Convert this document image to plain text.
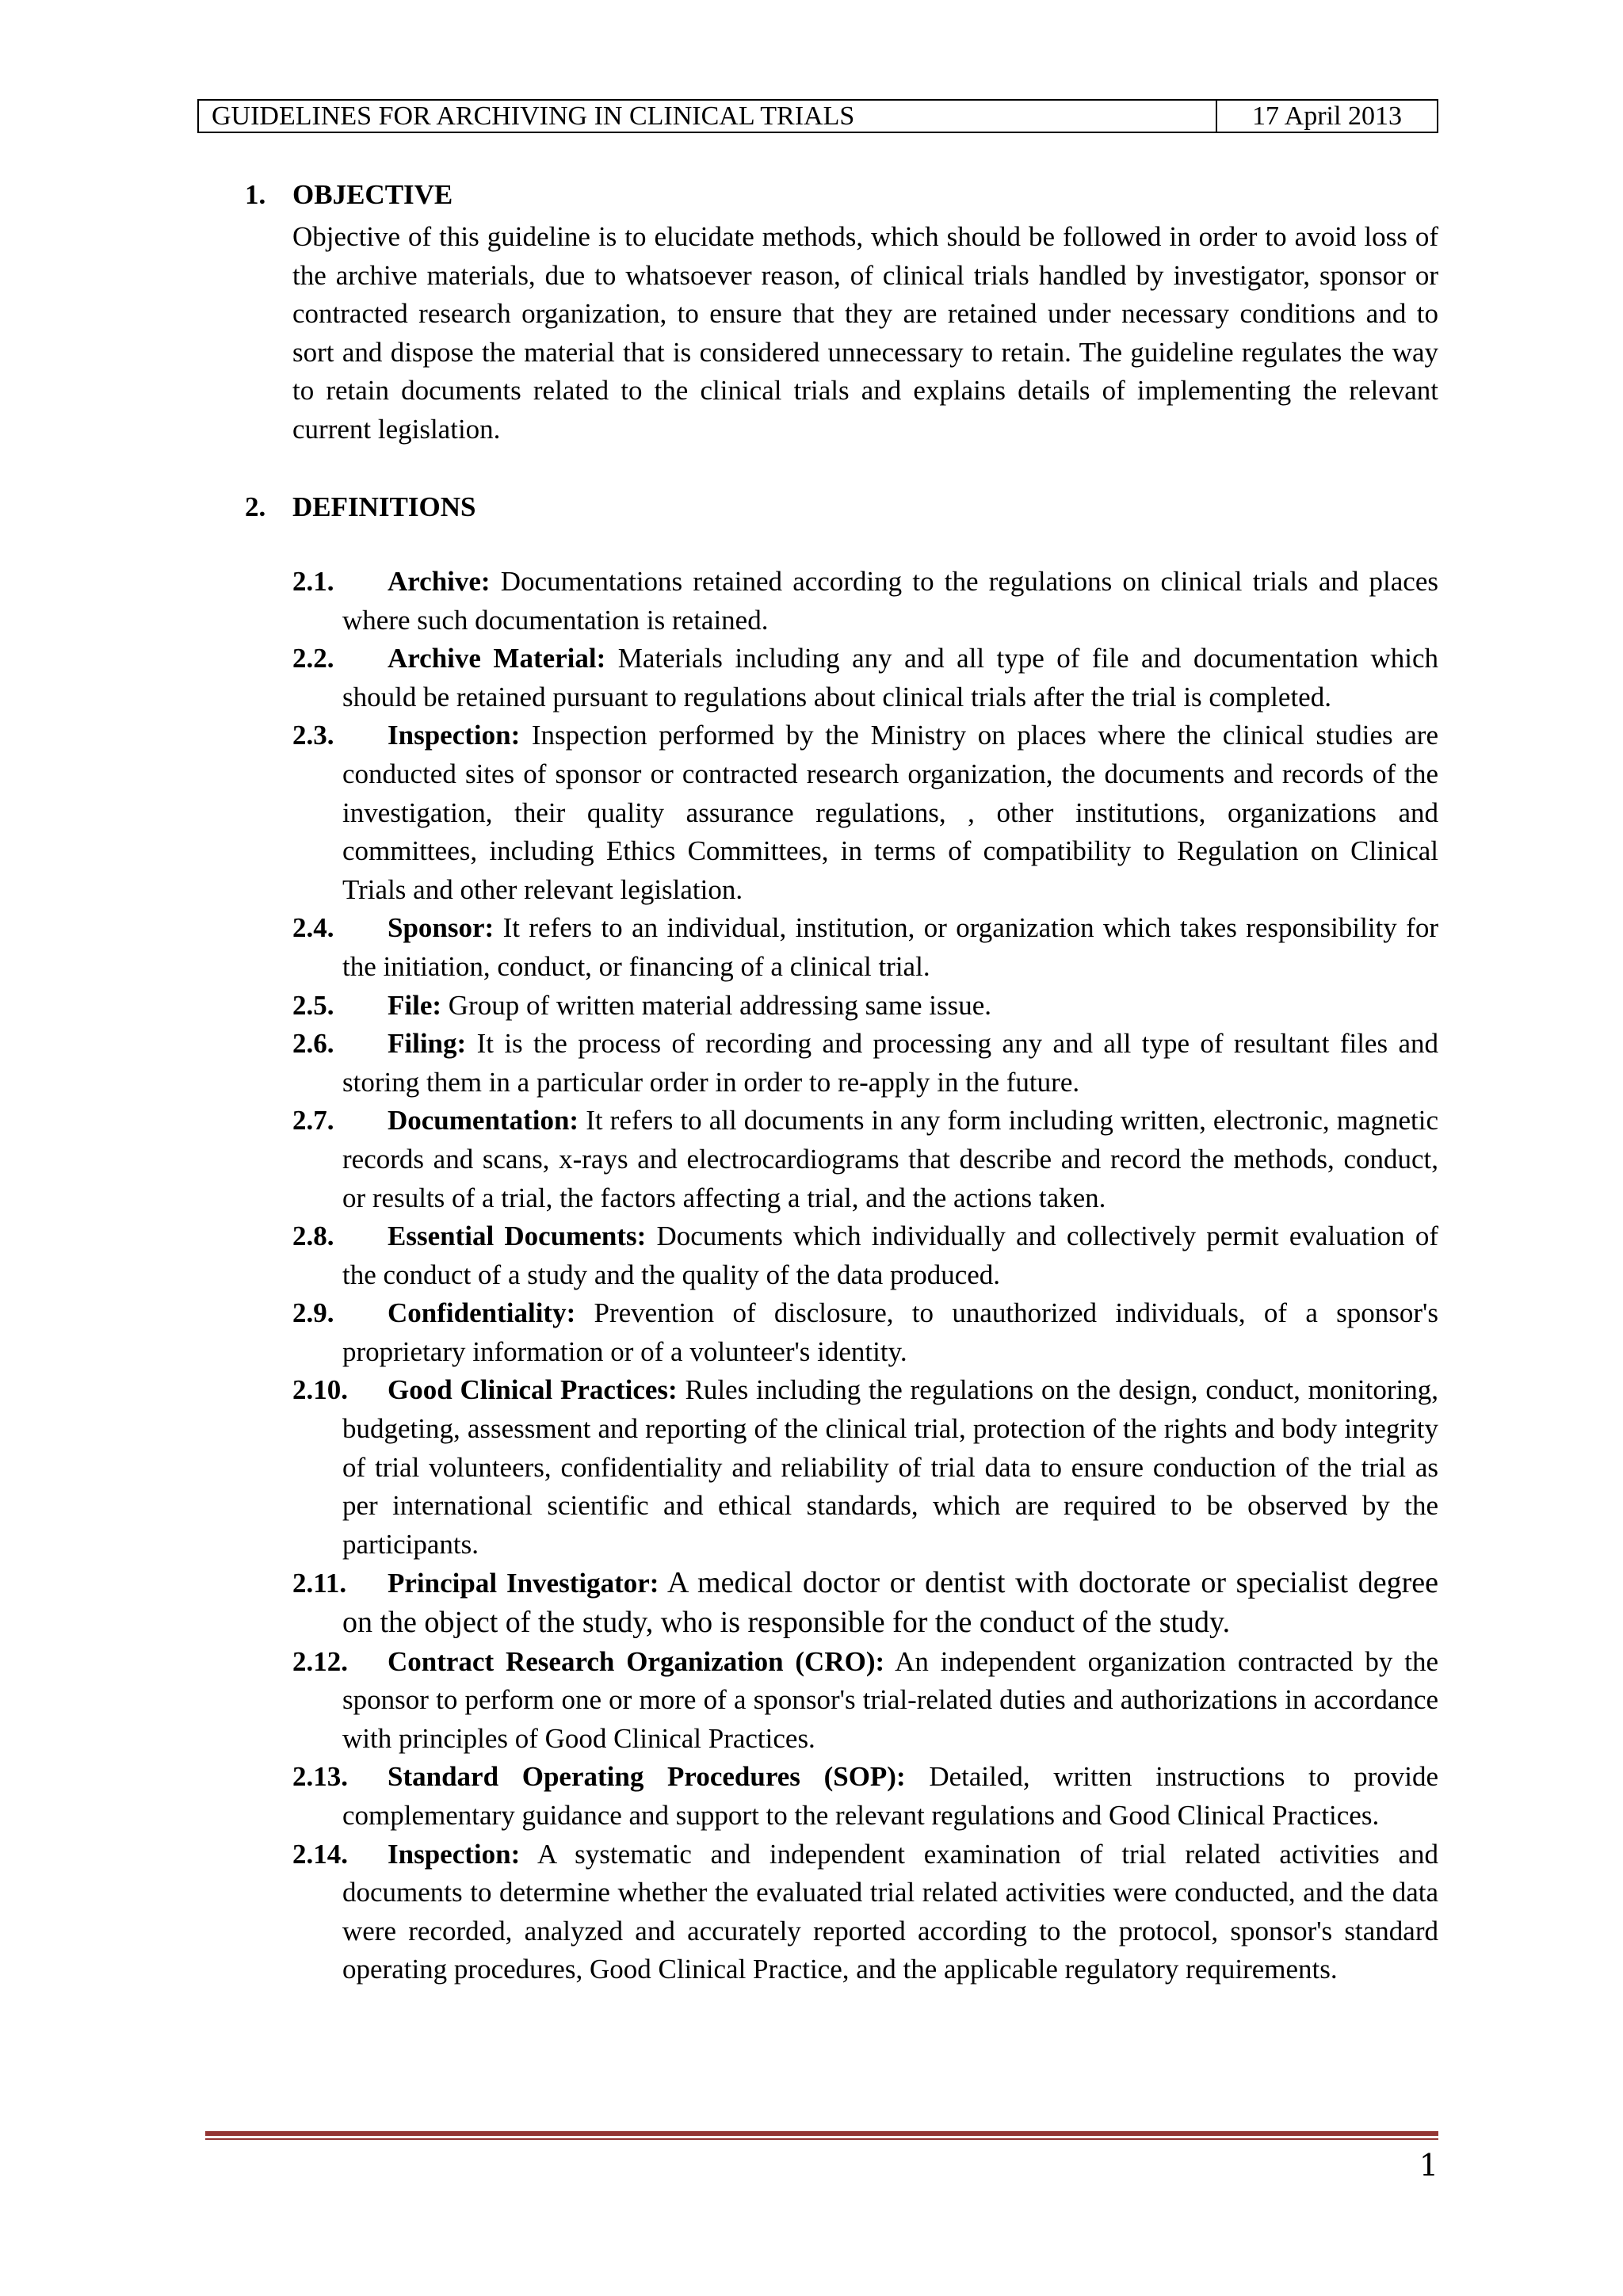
GUIDELINES FOR ARCHIVING IN CLINICAL TRIALS	17 April 2013
1. OBJECTIVE
Objective of this guideline is to elucidate methods, which should be followed in order to avoid loss of the archive materials, due to whatsoever reason, of clinical trials handled by investigator, sponsor or contracted research organization, to ensure that they are retained under necessary conditions and to sort and dispose the material that is considered unnecessary to retain. The guideline regulates the way to retain documents related to the clinical trials and explains details of implementing the relevant current legislation.
2. DEFINITIONS
2.1. Archive: Documentations retained according to the regulations on clinical trials and places where such documentation is retained.
2.2. Archive Material: Materials including any and all type of file and documentation which should be retained pursuant to regulations about clinical trials after the trial is completed.
2.3. Inspection: Inspection performed by the Ministry on places where the clinical studies are conducted sites of sponsor or contracted research organization, the documents and records of the investigation, their quality assurance regulations, , other institutions, organizations and committees, including Ethics Committees, in terms of compatibility to Regulation on Clinical Trials and other relevant legislation.
2.4. Sponsor: It refers to an individual, institution, or organization which takes responsibility for the initiation, conduct, or financing of a clinical trial.
2.5. File: Group of written material addressing same issue.
2.6. Filing: It is the process of recording and processing any and all type of resultant files and storing them in a particular order in order to re-apply in the future.
2.7. Documentation: It refers to all documents in any form including written, electronic, magnetic records and scans, x-rays and electrocardiograms that describe and record the methods, conduct, or results of a trial, the factors affecting a trial, and the actions taken.
2.8. Essential Documents: Documents which individually and collectively permit evaluation of the conduct of a study and the quality of the data produced.
2.9. Confidentiality: Prevention of disclosure, to unauthorized individuals, of a sponsor's proprietary information or of a volunteer's identity.
2.10. Good Clinical Practices: Rules including the regulations on the design, conduct, monitoring, budgeting, assessment and reporting of the clinical trial, protection of the rights and body integrity of trial volunteers, confidentiality and reliability of trial data to ensure conduction of the trial as per international scientific and ethical standards, which are required to be observed by the participants.
2.11. Principal Investigator: A medical doctor or dentist with doctorate or specialist degree on the object of the study, who is responsible for the conduct of the study.
2.12. Contract Research Organization (CRO): An independent organization contracted by the sponsor to perform one or more of a sponsor's trial-related duties and authorizations in accordance with principles of Good Clinical Practices.
2.13. Standard Operating Procedures (SOP): Detailed, written instructions to provide complementary guidance and support to the relevant regulations and Good Clinical Practices.
2.14. Inspection: A systematic and independent examination of trial related activities and documents to determine whether the evaluated trial related activities were conducted, and the data were recorded, analyzed and accurately reported according to the protocol, sponsor's standard operating procedures, Good Clinical Practice, and the applicable regulatory requirements.
1
